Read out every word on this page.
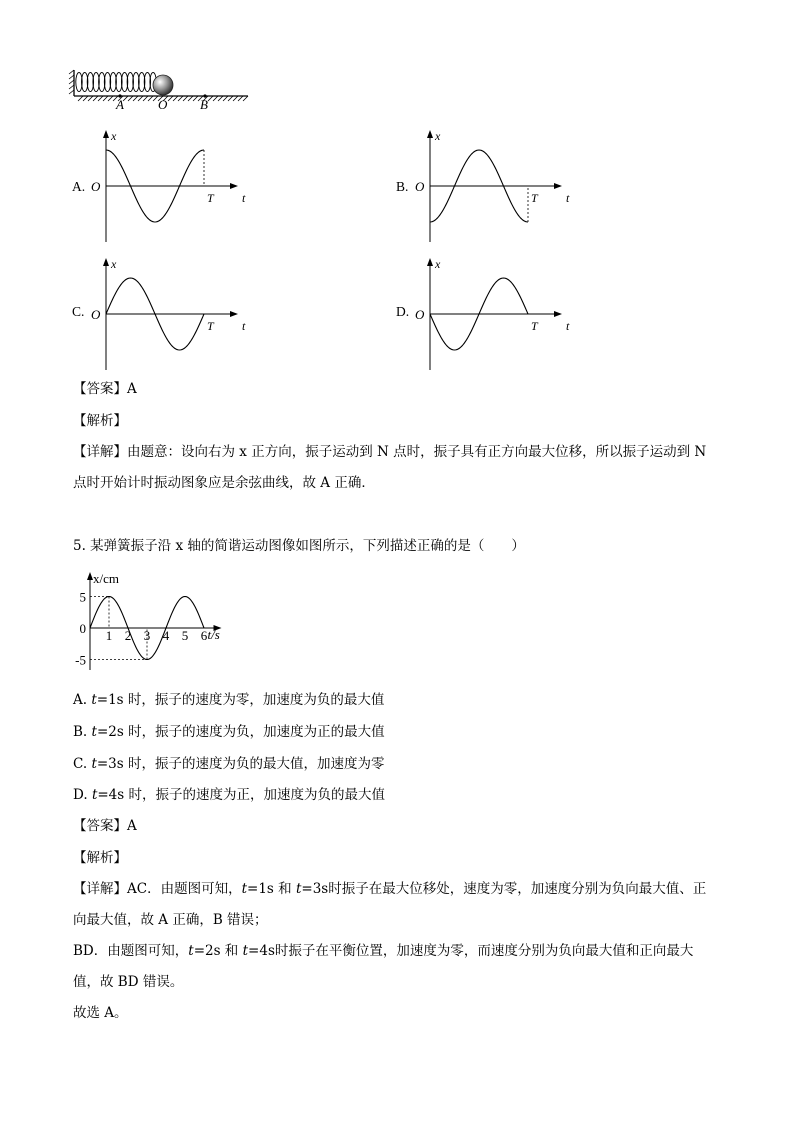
A	O	B
A.
x
t
O
T
B.
x
t
O
T
C.
x
t
O
T
D.
x
t
O
T
【答案】A
【解析】
【详解】由题意：设向右为 x 正方向，振子运动到 N 点时，振子具有正方向最大位移，所以振子运动到 N
点时开始计时振动图象应是余弦曲线，故 A 正确．
5. 某弹簧振子沿 x 轴的简谐运动图像如图所示，下列描述正确的是（　　）
x/cm
t/s
5
0
-5
1 2 3 4 5 6
A. t=1s 时，振子的速度为零，加速度为负的最大值
B. t=2s 时，振子的速度为负，加速度为正的最大值
C. t=3s 时，振子的速度为负的最大值，加速度为零
D. t=4s 时，振子的速度为正，加速度为负的最大值
【答案】A
【解析】
【详解】AC．由题图可知，t=1s 和 t=3s时振子在最大位移处，速度为零，加速度分别为负向最大值、正
向最大值，故 A 正确，B 错误；
BD．由题图可知，t=2s 和 t=4s时振子在平衡位置，加速度为零，而速度分别为负向最大值和正向最大
值，故 BD 错误。
故选 A。
